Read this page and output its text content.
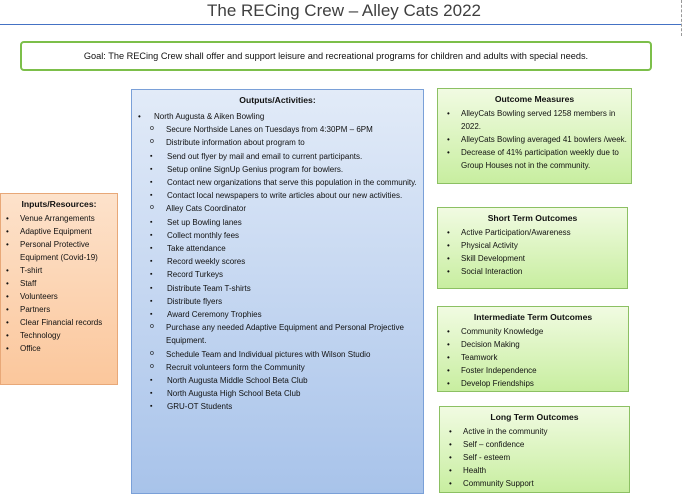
The RECing Crew – Alley Cats 2022
Goal: The RECing Crew shall offer and support leisure and recreational programs for children and adults with special needs.
Inputs/Resources:
• Venue Arrangements
• Adaptive Equipment
• Personal Protective Equipment (Covid-19)
• T-shirt
• Staff
• Volunteers
• Partners
• Clear Financial records
• Technology
• Office
Outputs/Activities:
• North Augusta & Aiken Bowling
o Secure Northside Lanes on Tuesdays from 4:30PM – 6PM
o Distribute information about program to
▪ Send out flyer by mail and email to current participants.
▪ Setup online SignUp Genius program for bowlers.
▪ Contact new organizations that serve this population in the community.
▪ Contact local newspapers to write articles about our new activities.
o Alley Cats Coordinator
▪ Set up Bowling lanes
▪ Collect monthly fees
▪ Take attendance
▪ Record weekly scores
▪ Record Turkeys
▪ Distribute Team T-shirts
▪ Distribute flyers
▪ Award Ceremony Trophies
o Purchase any needed Adaptive Equipment and Personal Projective Equipment.
o Schedule Team and Individual pictures with Wilson Studio
o Recruit volunteers form the Community
▪ North Augusta Middle School Beta Club
▪ North Augusta High School Beta Club
▪ GRU-OT Students
Outcome Measures
• AlleyCats Bowling served 1258 members in 2022.
• AlleyCats Bowling averaged 41 bowlers /week.
• Decrease of 41% participation weekly due to Group Houses not in the community.
Short Term Outcomes
• Active Participation/Awareness
• Physical Activity
• Skill Development
• Social Interaction
Intermediate Term Outcomes
• Community Knowledge
• Decision Making
• Teamwork
• Foster Independence
• Develop Friendships
Long Term Outcomes
• Active in the community
• Self – confidence
• Self - esteem
• Health
• Community Support
